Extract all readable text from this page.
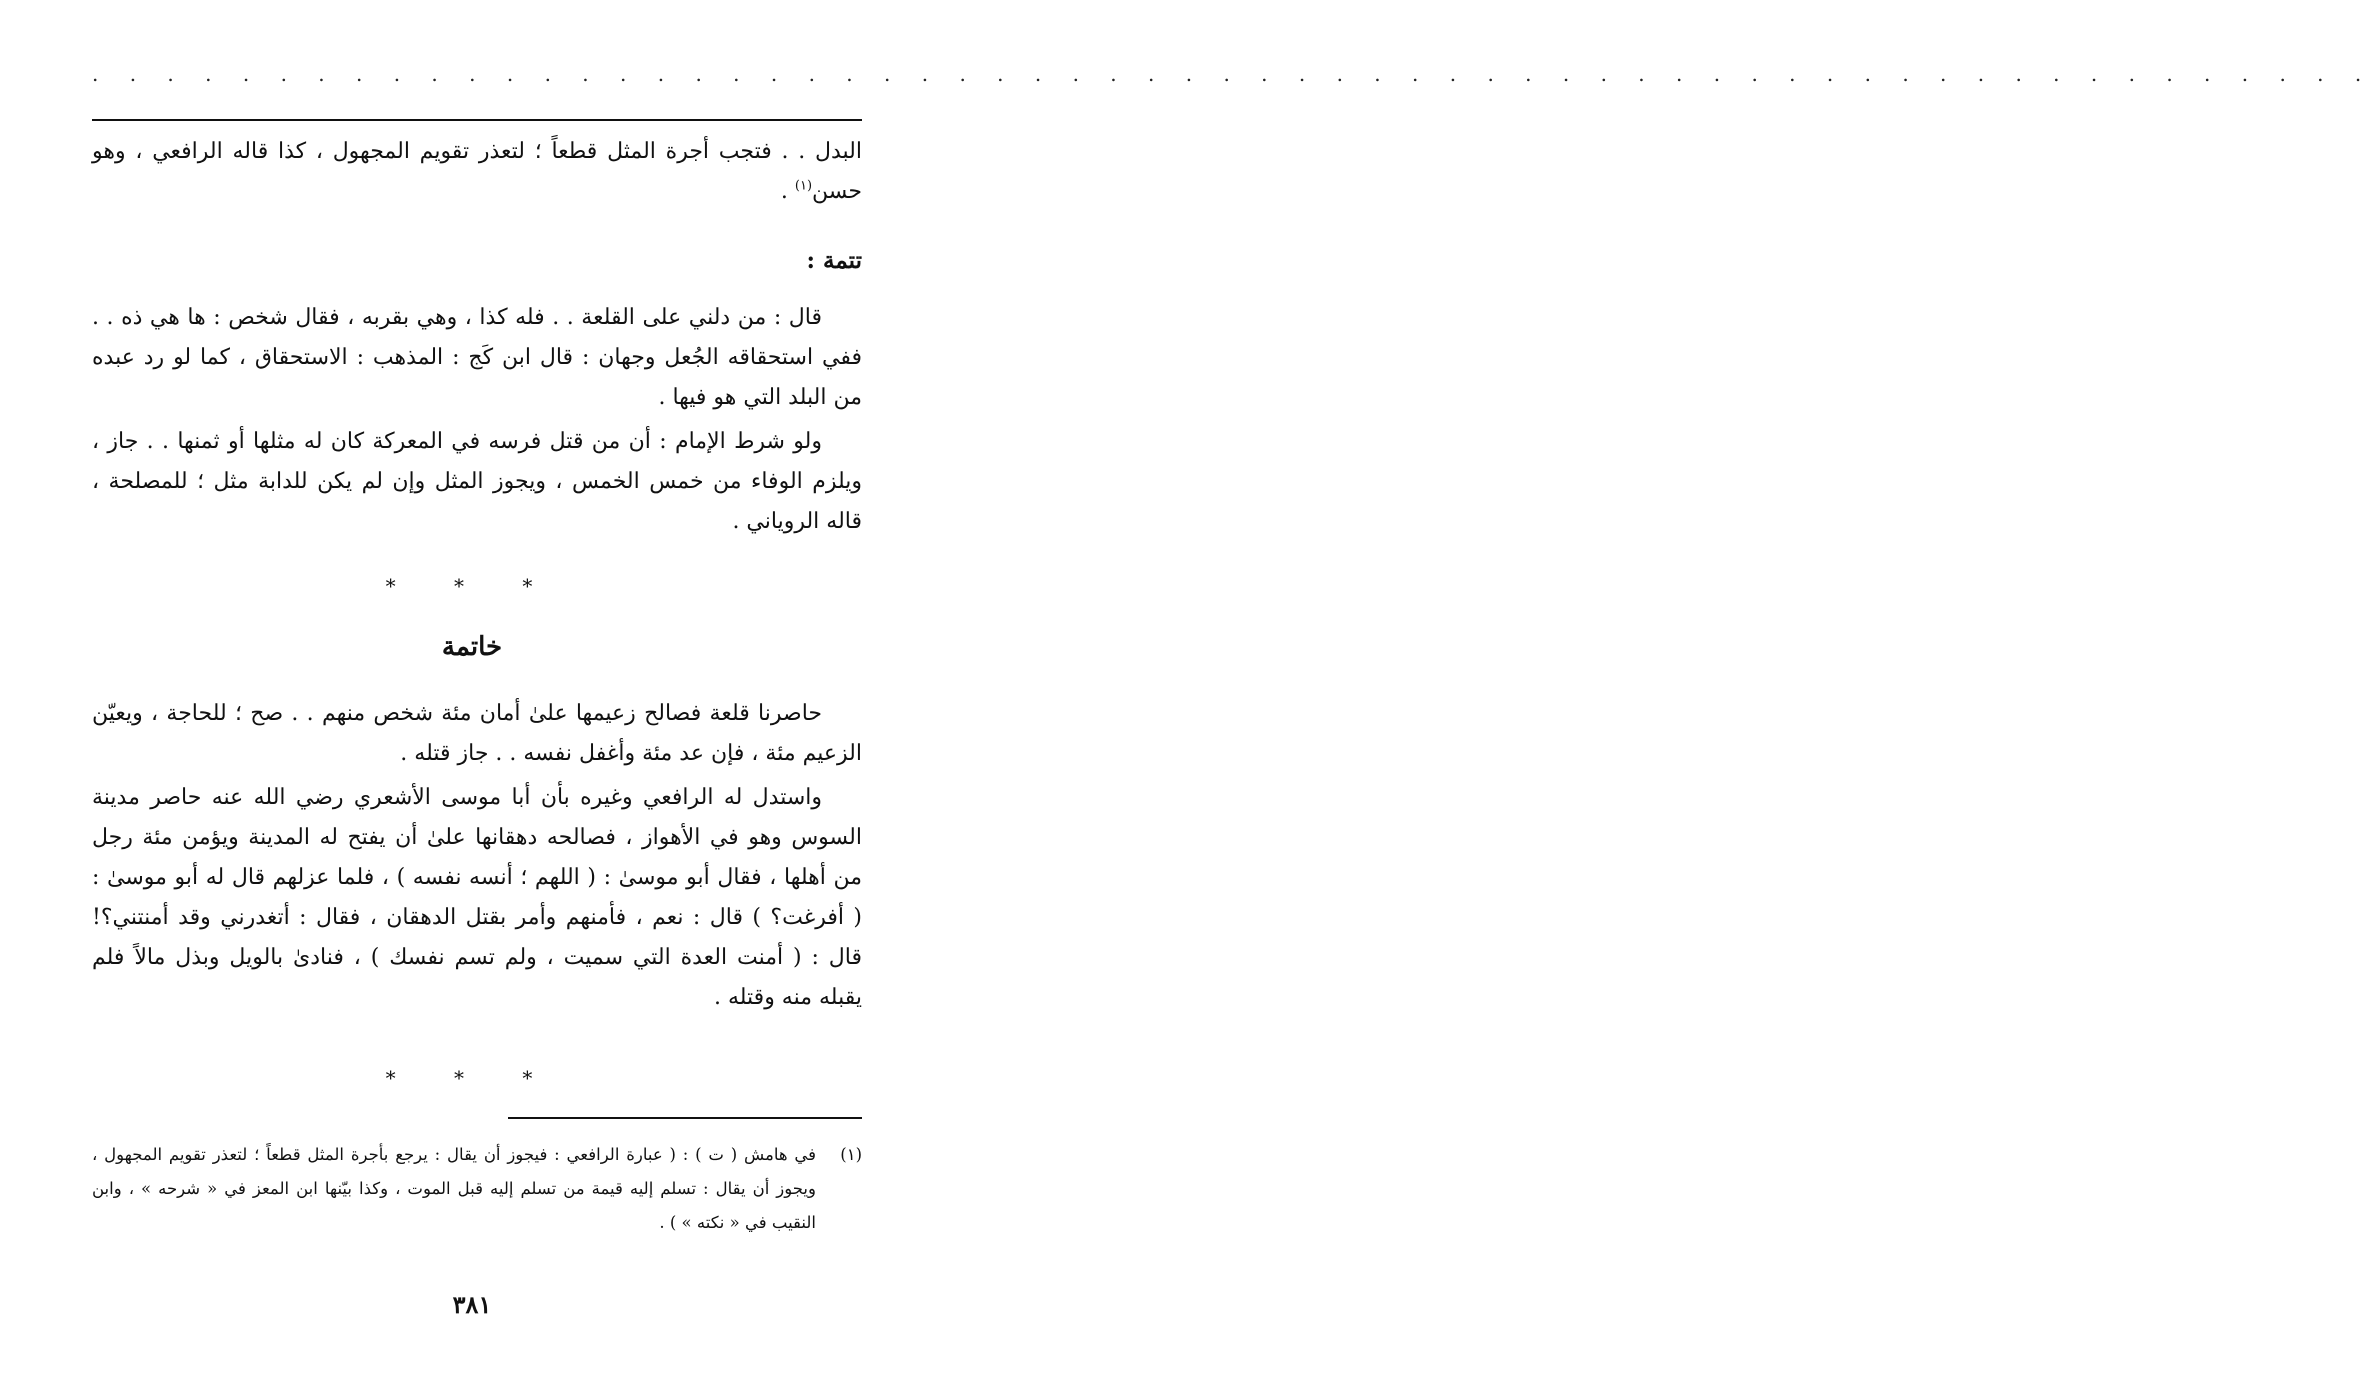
. . . . . . . . . . . . . . . . . . . . . . . . . . . . . . . . . . . . . . . . . . . . . . . . . . . . . . . . . . . . .

البدل . . فتجب أجرة المثل قطعاً ؛ لتعذر تقويم المجهول ، كذا قاله الرافعي ، وهو حسن$^{(١)}$ .

تتمة :

قال : من دلني على القلعة . . فله كذا ، وهي بقربه ، فقال شخص : ها هي ذه . . ففي استحقاقه الجُعل وجهان : قال ابن كَج : المذهب : الاستحقاق ، كما لو رد عبده من البلد التي هو فيها .

ولو شرط الإمام : أن من قتل فرسه في المعركة كان له مثلها أو ثمنها . . جاز ، ويلزم الوفاء من خمس الخمس ، ويجوز المثل وإن لم يكن للدابة مثل ؛ للمصلحة ، قاله الروياني .

* * *
خاتمة

حاصرنا قلعة فصالح زعيمها علىٰ أمان مئة شخص منهم . . صح ؛ للحاجة ، ويعيّن الزعيم مئة ، فإن عد مئة وأغفل نفسه . . جاز قتله .

واستدل له الرافعي وغيره بأن أبا موسى الأشعري رضي الله عنه حاصر مدينة السوس وهو في الأهواز ، فصالحه دهقانها علىٰ أن يفتح له المدينة ويؤمن مئة رجل من أهلها ، فقال أبو موسىٰ : ( اللهم ؛ أنسه نفسه ) ، فلما عزلهم قال له أبو موسىٰ : ( أفرغت؟ ) قال : نعم ، فأمنهم وأمر بقتل الدهقان ، فقال : أتغدرني وقد أمنتني؟! قال : ( أمنت العدة التي سميت ، ولم تسم نفسك ) ، فنادىٰ بالويل وبذل مالاً فلم يقبله منه وقتله .

* * *
(١)في هامش ( ت ) : ( عبارة الرافعي : فيجوز أن يقال : يرجع بأجرة المثل قطعاً ؛ لتعذر تقويم المجهول ، ويجوز أن يقال : تسلم إليه قيمة من تسلم إليه قبل الموت ، وكذا بيّنها ابن المعز في « شرحه » ، وابن النقيب في « نكته » ) .
٣٨١
